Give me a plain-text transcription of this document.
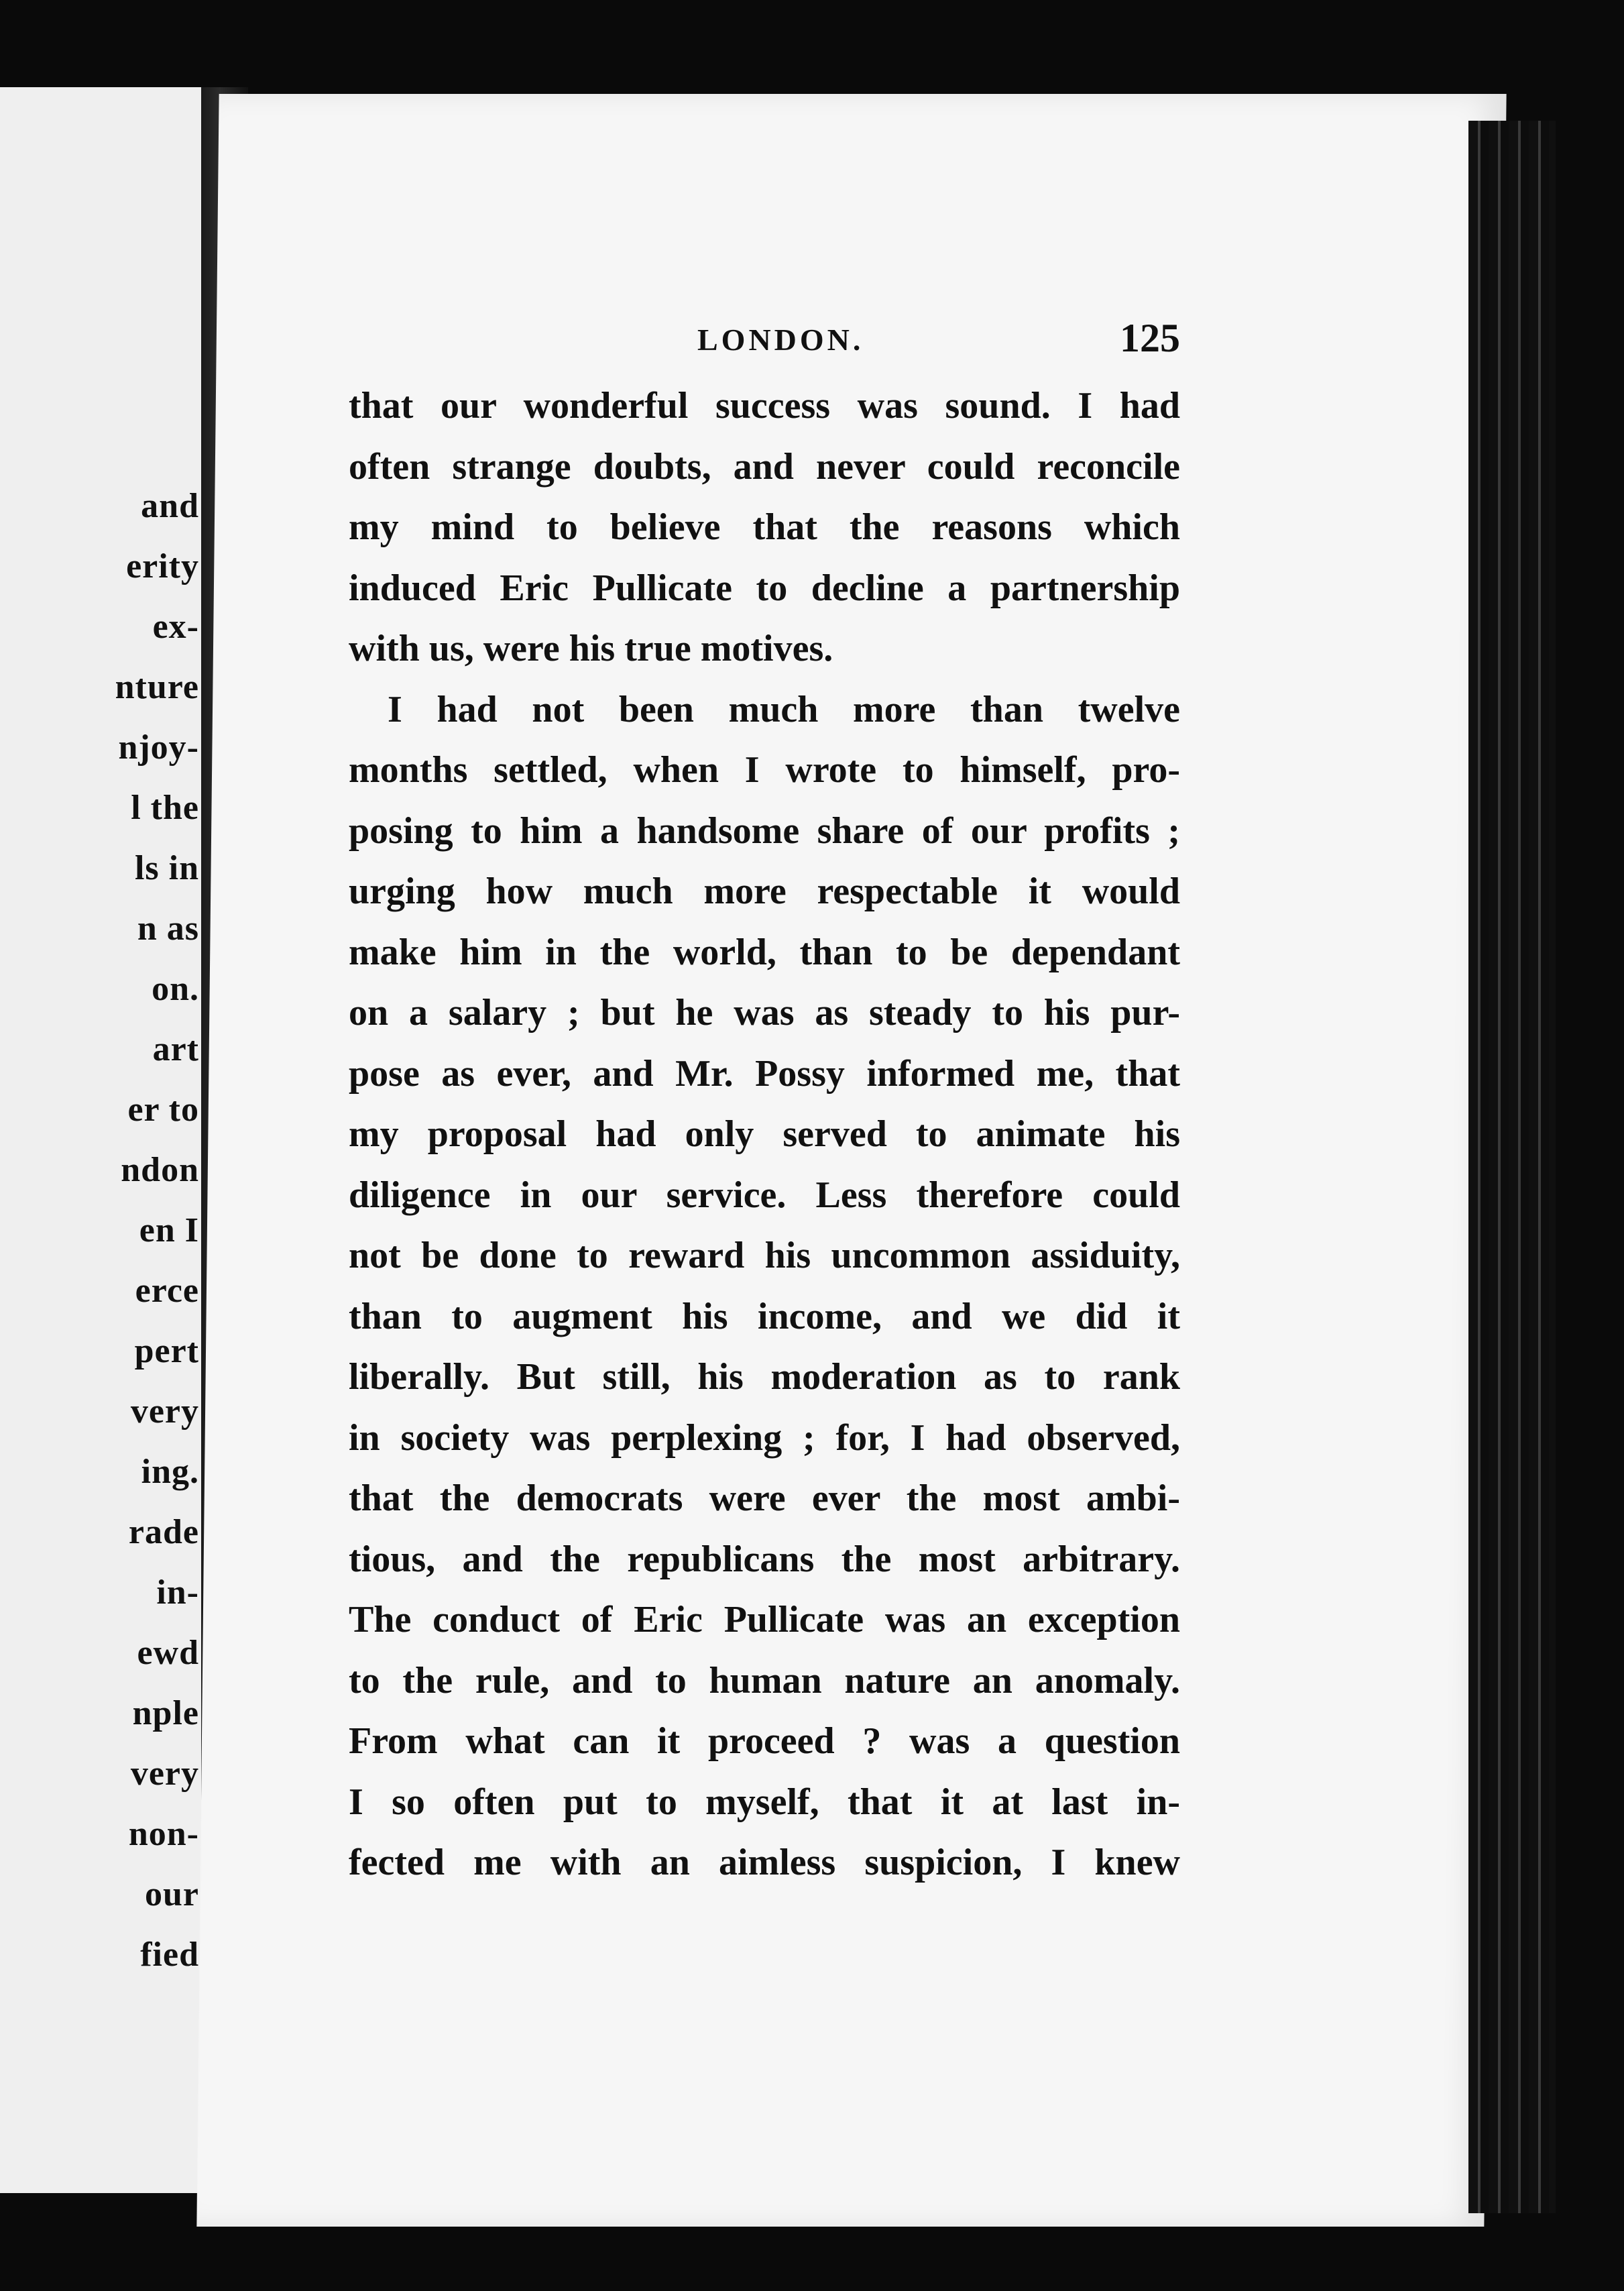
and
erity
ex-
nture
njoy-
l the
ls in
n as
on.
art
er to
ndon
en I
erce
pert
very
ing.
rade
in-
ewd
nple
very
non-
our
fied
LONDON.	125
that our wonderful success was sound. I had
often strange doubts, and never could reconcile
my mind to believe that the reasons which
induced Eric Pullicate to decline a partnership
with us, were his true motives.
I had not been much more than twelve
months settled, when I wrote to himself, pro-
posing to him a handsome share of our profits ;
urging how much more respectable it would
make him in the world, than to be dependant
on a salary ; but he was as steady to his pur-
pose as ever, and Mr. Possy informed me, that
my proposal had only served to animate his
diligence in our service. Less therefore could
not be done to reward his uncommon assiduity,
than to augment his income, and we did it
liberally. But still, his moderation as to rank
in society was perplexing ; for, I had observed,
that the democrats were ever the most ambi-
tious, and the republicans the most arbitrary.
The conduct of Eric Pullicate was an exception
to the rule, and to human nature an anomaly.
From what can it proceed ? was a question
I so often put to myself, that it at last in-
fected me with an aimless suspicion, I knew
